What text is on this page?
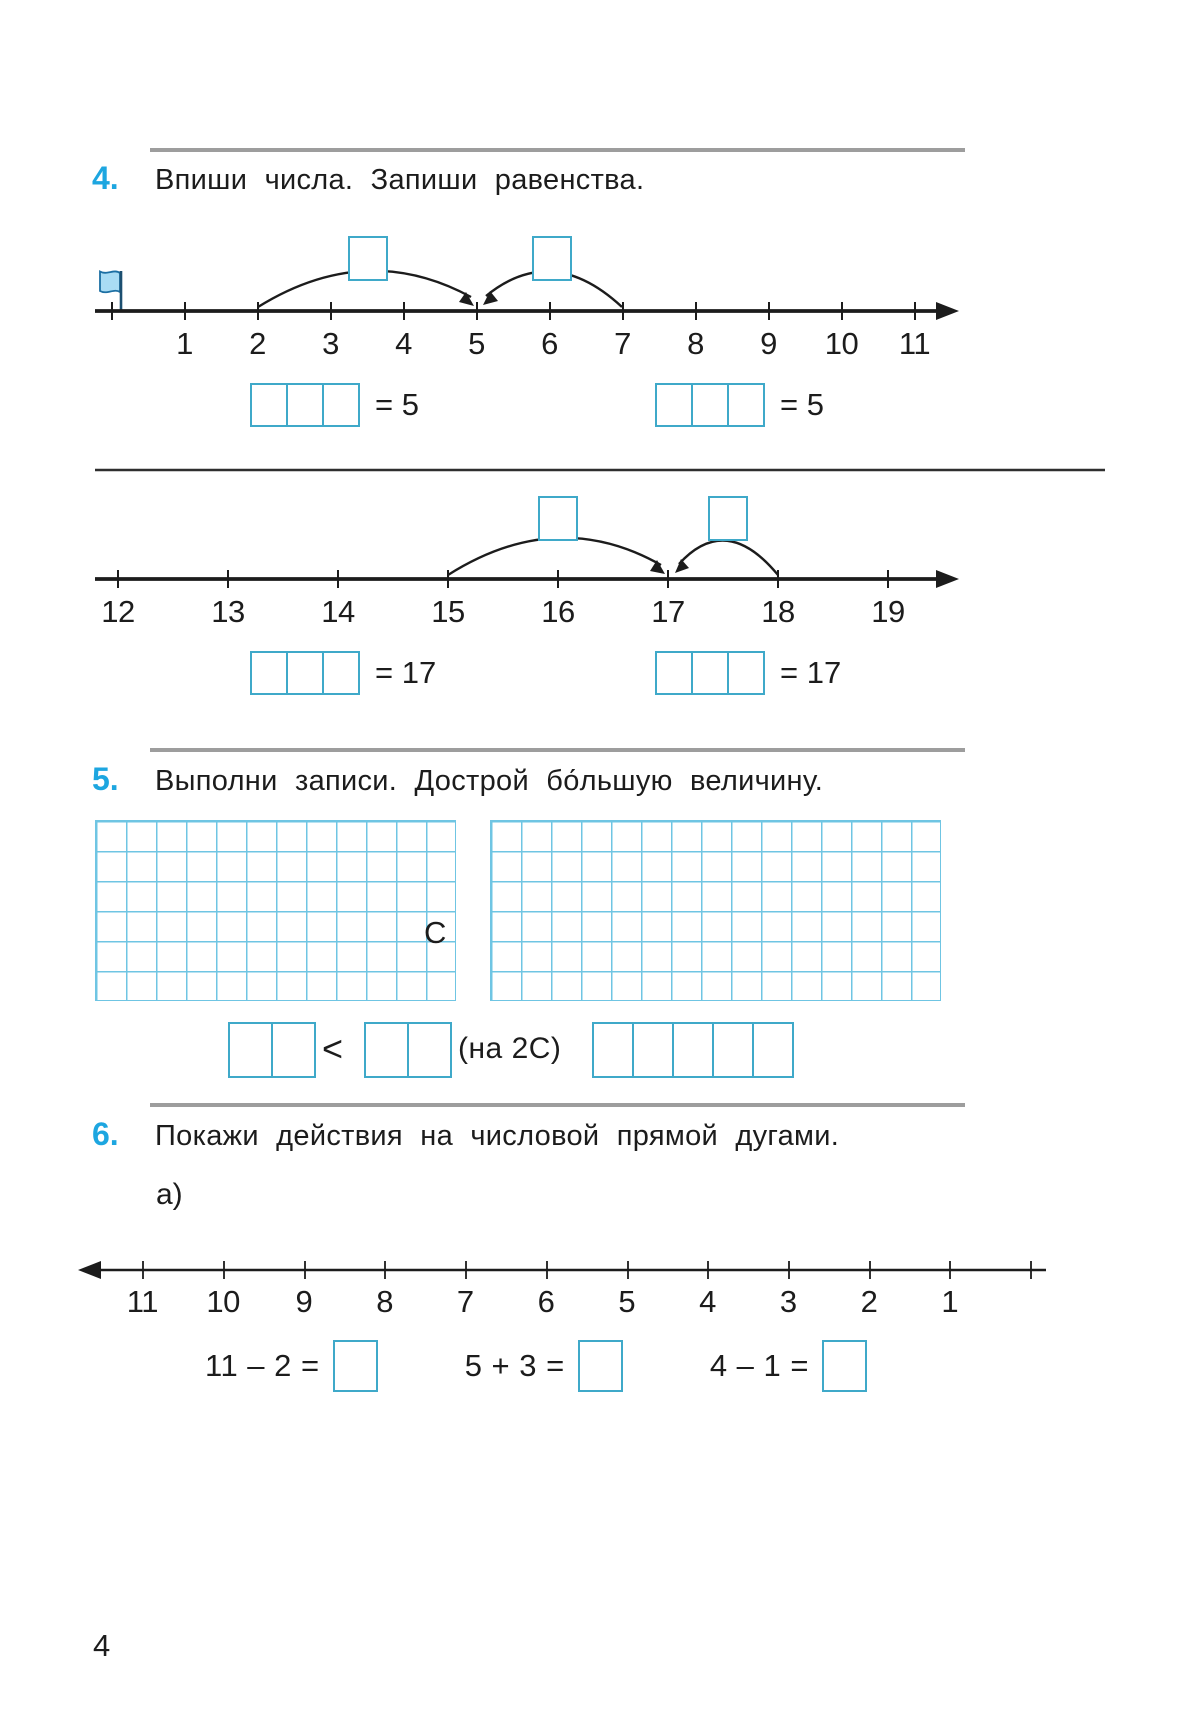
4.	Впиши числа. Запиши равенства.
1	2	3	4	5	6	7	8	9	10	11
= 5	= 5
12	13	14	15	16	17	18	19
= 17	= 17
5.	Выполни записи. Дострой бо́льшую величину.
С
<	(на 2С)
6.	Покажи действия на числовой прямой дугами.
а)
11	10	9	8	7	6	5	4	3	2	1
11 – 2 =	5 + 3 =	4 – 1 =
4
